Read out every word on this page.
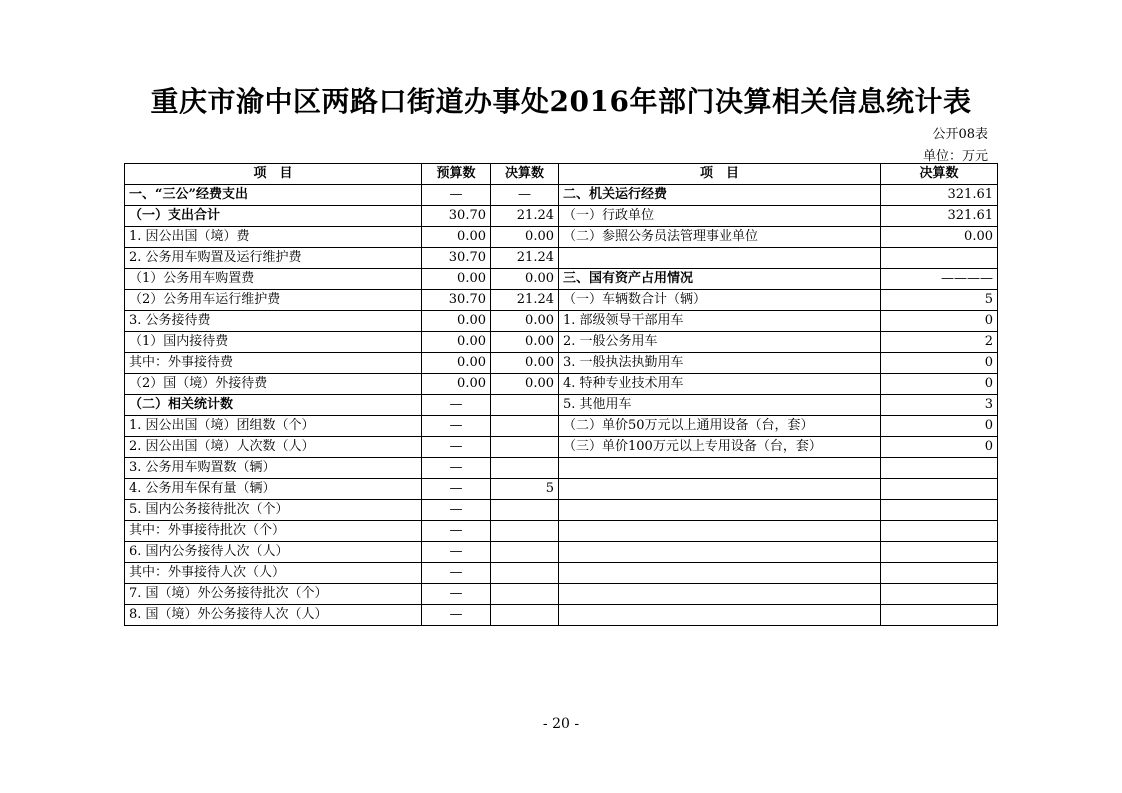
重庆市渝中区两路口街道办事处2016年部门决算相关信息统计表
公开08表
单位：万元
项　目	预算数	决算数	项　目	决算数
一、“三公”经费支出	—	—	二、机关运行经费	321.61
（一）支出合计	30.70	21.24	（一）行政单位	321.61
1. 因公出国（境）费	0.00	0.00	（二）参照公务员法管理事业单位	0.00
2. 公务用车购置及运行维护费	30.70	21.24		
（1）公务用车购置费	0.00	0.00	三、国有资产占用情况	————
（2）公务用车运行维护费	30.70	21.24	（一）车辆数合计（辆）	5
3. 公务接待费	0.00	0.00	1. 部级领导干部用车	0
（1）国内接待费	0.00	0.00	2. 一般公务用车	2
其中：外事接待费	0.00	0.00	3. 一般执法执勤用车	0
（2）国（境）外接待费	0.00	0.00	4. 特种专业技术用车	0
（二）相关统计数	—		5. 其他用车	3
1. 因公出国（境）团组数（个）	—		（二）单价50万元以上通用设备（台，套）	0
2. 因公出国（境）人次数（人）	—		（三）单价100万元以上专用设备（台，套）	0
3. 公务用车购置数（辆）	—			
4. 公务用车保有量（辆）	—	5		
5. 国内公务接待批次（个）	—			
其中：外事接待批次（个）	—			
6. 国内公务接待人次（人）	—			
其中：外事接待人次（人）	—			
7. 国（境）外公务接待批次（个）	—			
8. 国（境）外公务接待人次（人）	—			
- 20 -
